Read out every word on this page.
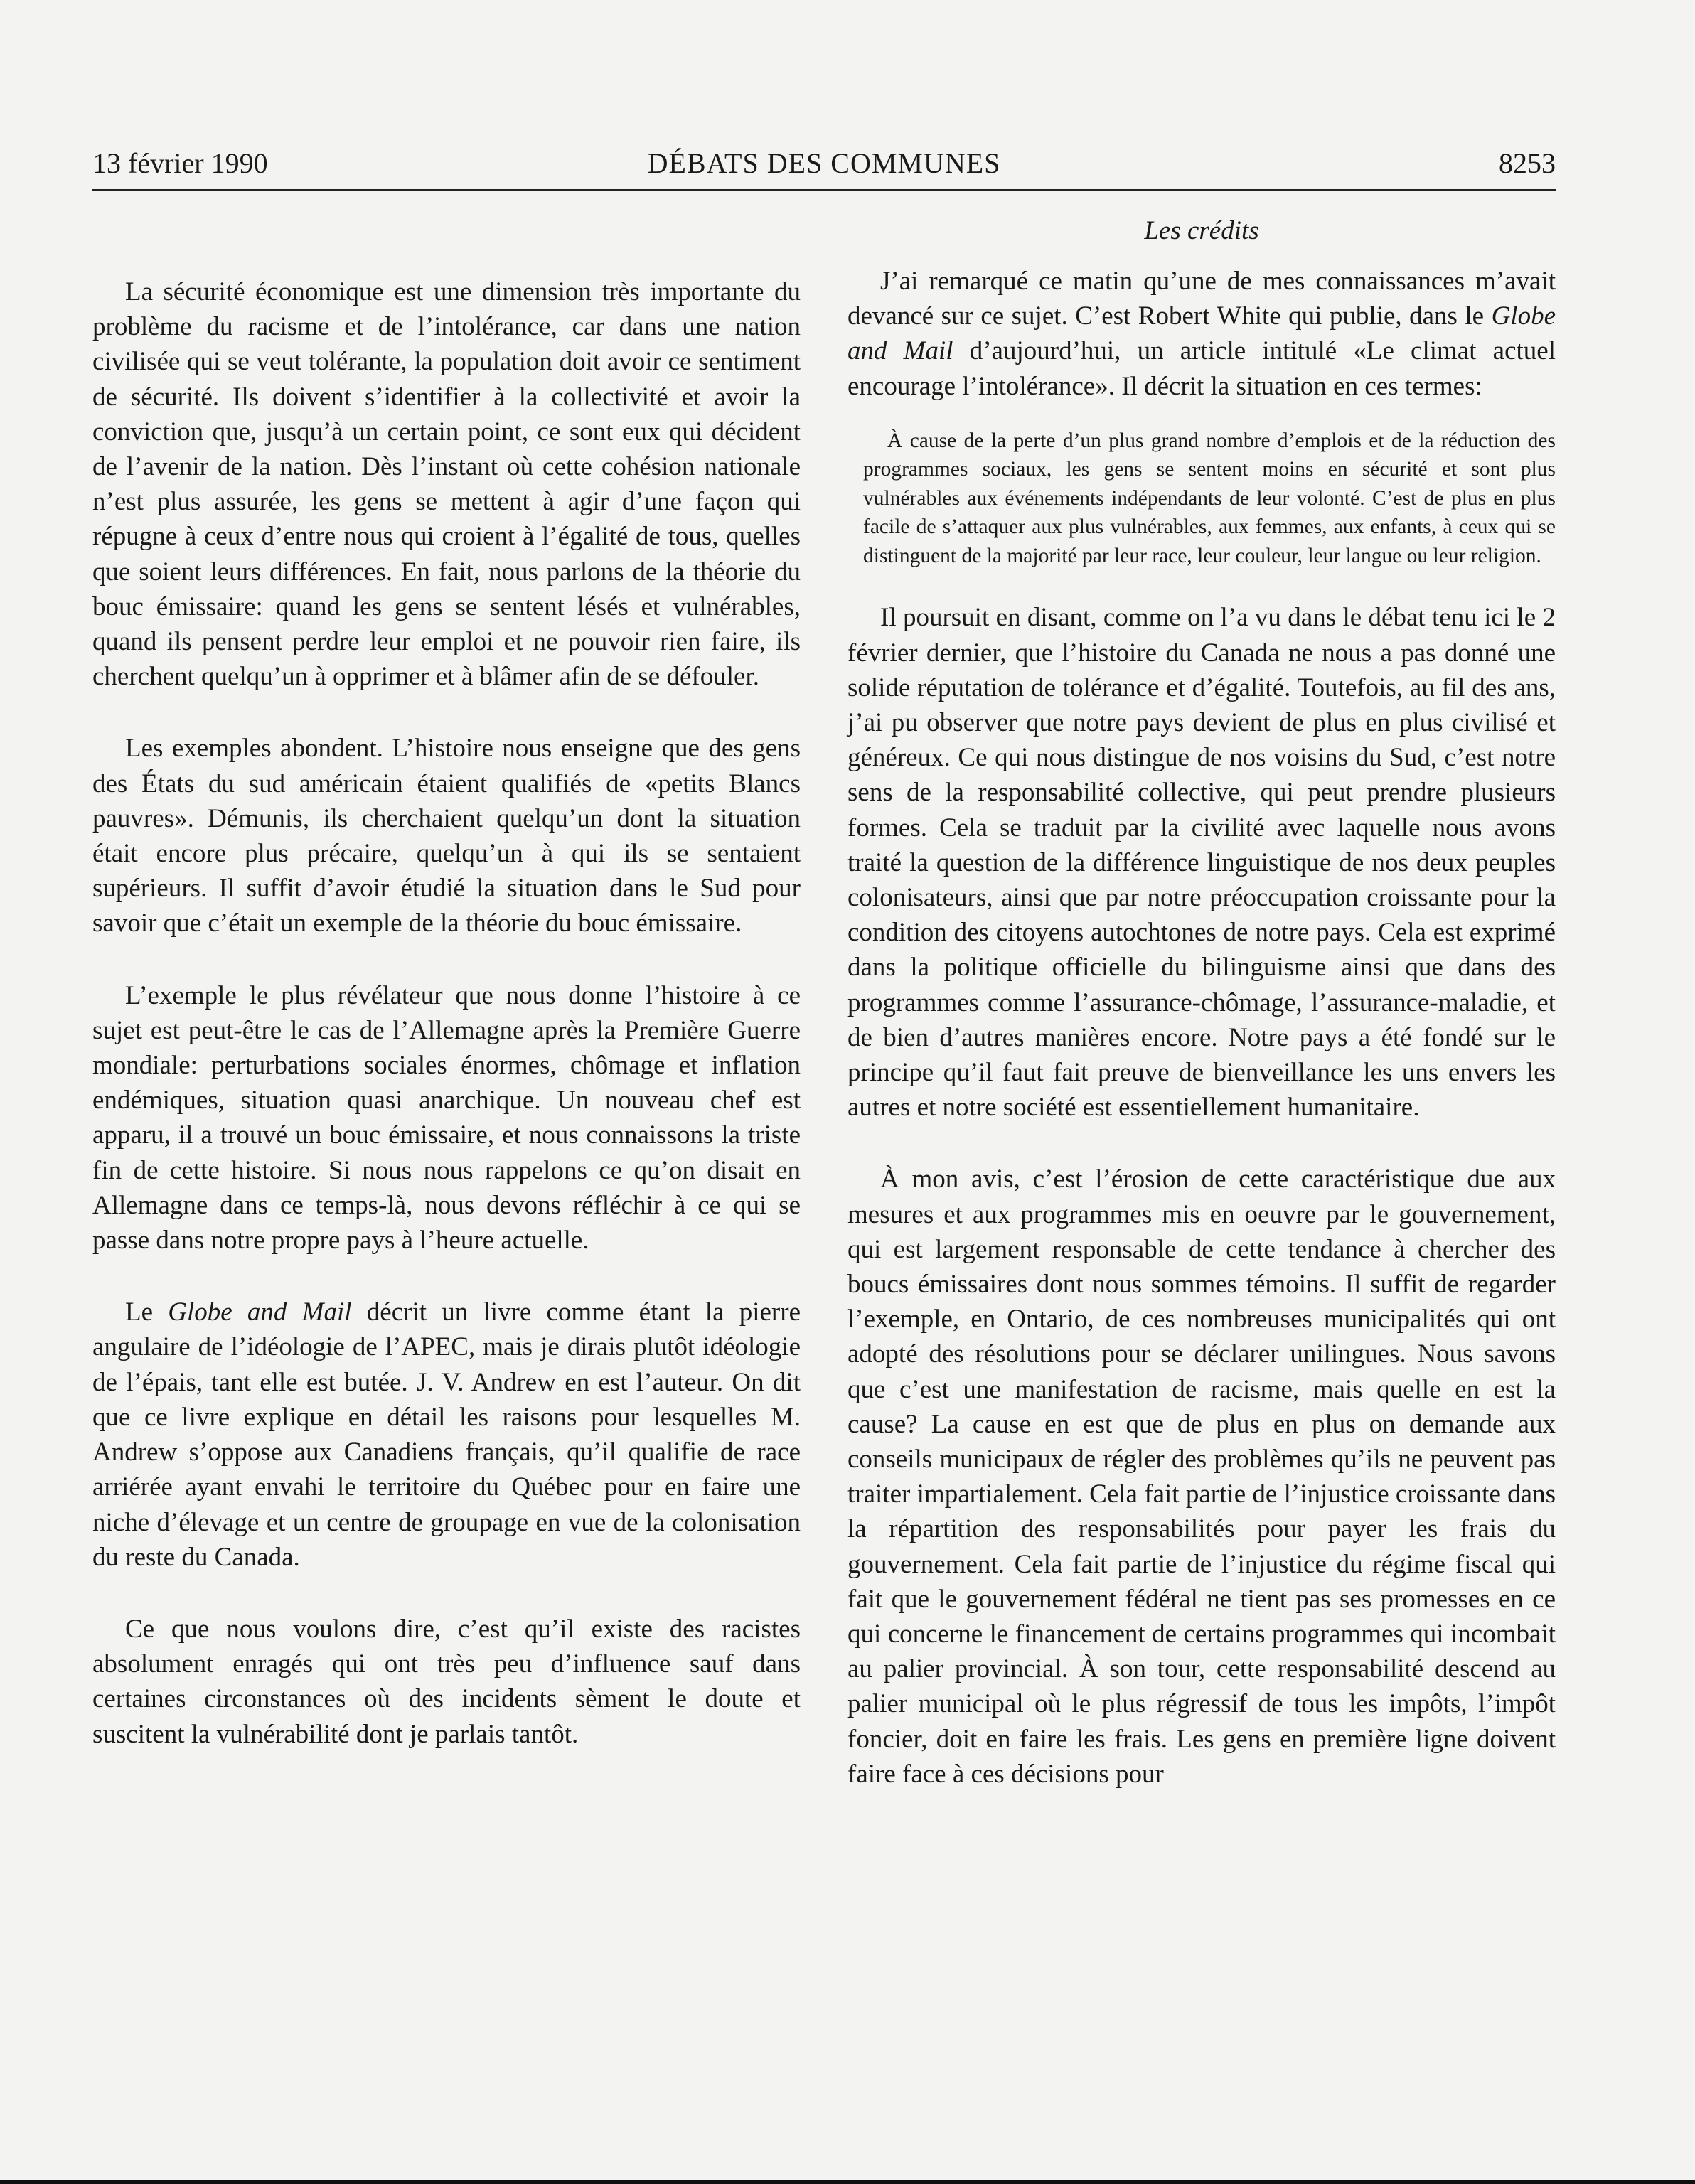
13 février 1990	DÉBATS DES COMMUNES	8253

La sécurité économique est une dimension très importante du problème du racisme et de l’intolérance, car dans une nation civilisée qui se veut tolérante, la population doit avoir ce sentiment de sécurité. Ils doivent s’identifier à la collectivité et avoir la conviction que, jusqu’à un certain point, ce sont eux qui décident de l’avenir de la nation. Dès l’instant où cette cohésion nationale n’est plus assurée, les gens se mettent à agir d’une façon qui répugne à ceux d’entre nous qui croient à l’égalité de tous, quelles que soient leurs différences. En fait, nous parlons de la théorie du bouc émissaire: quand les gens se sentent lésés et vulnérables, quand ils pensent perdre leur emploi et ne pouvoir rien faire, ils cherchent quelqu’un à opprimer et à blâmer afin de se défouler.

Les exemples abondent. L’histoire nous enseigne que des gens des États du sud américain étaient qualifiés de «petits Blancs pauvres». Démunis, ils cherchaient quelqu’un dont la situation était encore plus précaire, quelqu’un à qui ils se sentaient supérieurs. Il suffit d’avoir étudié la situation dans le Sud pour savoir que c’était un exemple de la théorie du bouc émissaire.

L’exemple le plus révélateur que nous donne l’histoire à ce sujet est peut-être le cas de l’Allemagne après la Première Guerre mondiale: perturbations sociales énormes, chômage et inflation endémiques, situation quasi anarchique. Un nouveau chef est apparu, il a trouvé un bouc émissaire, et nous connaissons la triste fin de cette histoire. Si nous nous rappelons ce qu’on disait en Allemagne dans ce temps-là, nous devons réfléchir à ce qui se passe dans notre propre pays à l’heure actuelle.

Le Globe and Mail décrit un livre comme étant la pierre angulaire de l’idéologie de l’APEC, mais je dirais plutôt idéologie de l’épais, tant elle est butée. J. V. Andrew en est l’auteur. On dit que ce livre explique en détail les raisons pour lesquelles M. Andrew s’oppose aux Canadiens français, qu’il qualifie de race arriérée ayant envahi le territoire du Québec pour en faire une niche d’élevage et un centre de groupage en vue de la colonisation du reste du Canada.

Ce que nous voulons dire, c’est qu’il existe des racistes absolument enragés qui ont très peu d’influence sauf dans certaines circonstances où des incidents sèment le doute et suscitent la vulnérabilité dont je parlais tantôt.

Les crédits

J’ai remarqué ce matin qu’une de mes connaissances m’avait devancé sur ce sujet. C’est Robert White qui publie, dans le Globe and Mail d’aujourd’hui, un article intitulé «Le climat actuel encourage l’intolérance». Il décrit la situation en ces termes:

À cause de la perte d’un plus grand nombre d’emplois et de la réduction des programmes sociaux, les gens se sentent moins en sécurité et sont plus vulnérables aux événements indépendants de leur volonté. C’est de plus en plus facile de s’attaquer aux plus vulnérables, aux femmes, aux enfants, à ceux qui se distinguent de la majorité par leur race, leur couleur, leur langue ou leur religion.

Il poursuit en disant, comme on l’a vu dans le débat tenu ici le 2 février dernier, que l’histoire du Canada ne nous a pas donné une solide réputation de tolérance et d’égalité. Toutefois, au fil des ans, j’ai pu observer que notre pays devient de plus en plus civilisé et généreux. Ce qui nous distingue de nos voisins du Sud, c’est notre sens de la responsabilité collective, qui peut prendre plusieurs formes. Cela se traduit par la civilité avec laquelle nous avons traité la question de la différence linguistique de nos deux peuples colonisateurs, ainsi que par notre préoccupation croissante pour la condition des citoyens autochtones de notre pays. Cela est exprimé dans la politique officielle du bilinguisme ainsi que dans des programmes comme l’assurance-chômage, l’assurance-maladie, et de bien d’autres manières encore. Notre pays a été fondé sur le principe qu’il faut fait preuve de bienveillance les uns envers les autres et notre société est essentiellement humanitaire.

À mon avis, c’est l’érosion de cette caractéristique due aux mesures et aux programmes mis en oeuvre par le gouvernement, qui est largement responsable de cette tendance à chercher des boucs émissaires dont nous sommes témoins. Il suffit de regarder l’exemple, en Ontario, de ces nombreuses municipalités qui ont adopté des résolutions pour se déclarer unilingues. Nous savons que c’est une manifestation de racisme, mais quelle en est la cause? La cause en est que de plus en plus on demande aux conseils municipaux de régler des problèmes qu’ils ne peuvent pas traiter impartialement. Cela fait partie de l’injustice croissante dans la répartition des responsabilités pour payer les frais du gouvernement. Cela fait partie de l’injustice du régime fiscal qui fait que le gouvernement fédéral ne tient pas ses promesses en ce qui concerne le financement de certains programmes qui incombait au palier provincial. À son tour, cette responsabilité descend au palier municipal où le plus régressif de tous les impôts, l’impôt foncier, doit en faire les frais. Les gens en première ligne doivent faire face à ces décisions pour
